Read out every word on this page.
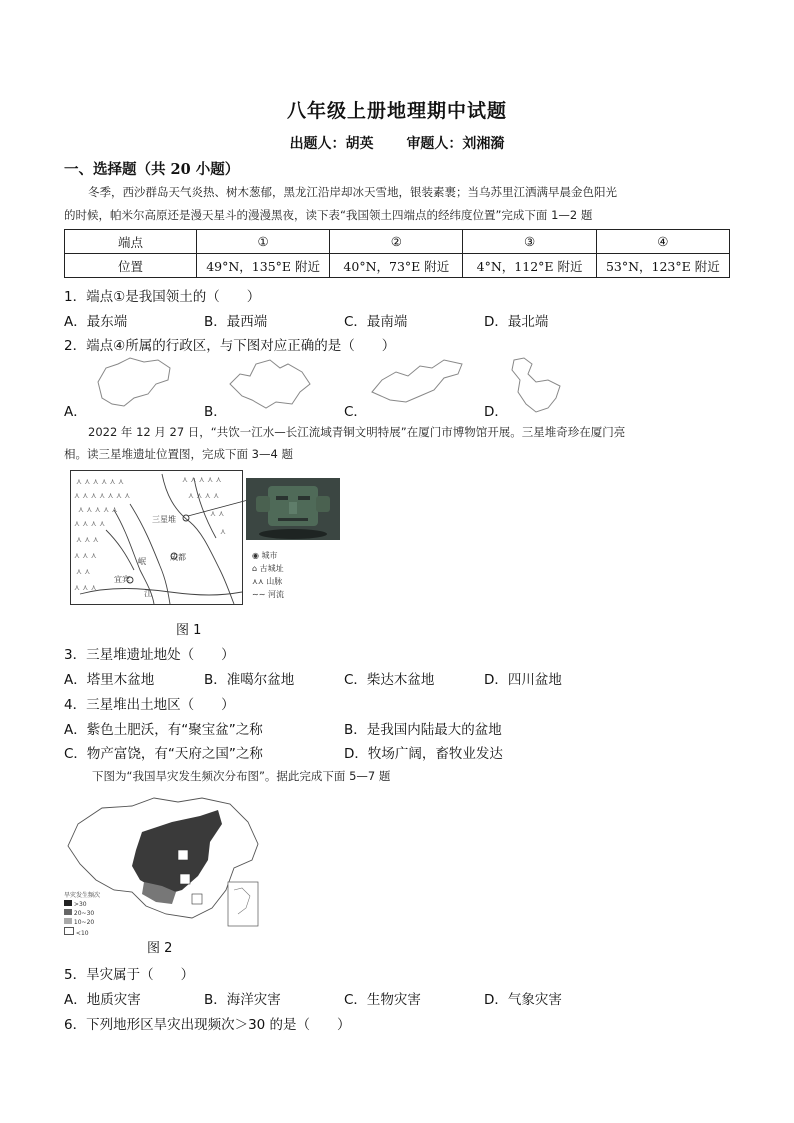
八年级上册地理期中试题
出题人：胡英 审题人：刘湘漪
一、选择题（共 20 小题）
冬季，西沙群岛天气炎热、树木葱郁，黑龙江沿岸却冰天雪地，银装素裹；当乌苏里江洒满早晨金色阳光
的时候，帕米尔高原还是漫天星斗的漫漫黑夜，读下表“我国领土四端点的经纬度位置”完成下面 1—2 题
端点	①	②	③	④
位置	49°N，135°E 附近	40°N，73°E 附近	4°N，112°E 附近	53°N，123°E 附近
1．端点①是我国领土的（　　）
A．最东端	B．最西端	C．最南端	D．最北端
2．端点④所属的行政区，与下图对应正确的是（　　）
A．	B．	C．	D．
2022 年 12 月 27 日，“共饮一江水—长江流域青铜文明特展”在厦门市博物馆开展。三星堆奇珍在厦门亮
相。读三星堆遗址位置图，完成下面 3—4 题
⋏ ⋏ ⋏ ⋏ ⋏ ⋏
⋏ ⋏ ⋏ ⋏ ⋏ ⋏ ⋏
⋏ ⋏ ⋏ ⋏ ⋏
⋏ ⋏ ⋏ ⋏
⋏ ⋏ ⋏
⋏ ⋏ ⋏
⋏ ⋏
⋏ ⋏ ⋏
⋏ ⋏ ⋏ ⋏ ⋏
⋏ ⋏ ⋏ ⋏
⋏ ⋏
⋏
三星堆
成都
岷
江
宜宾
◉ 城市
⌂ 古城址
⋏⋏ 山脉
∼∼ 河流
图 1
3．三星堆遗址地处（　　）
A．塔里木盆地	B．准噶尔盆地	C．柴达木盆地	D．四川盆地
4．三星堆出土地区（　　）
A．紫色土肥沃，有“聚宝盆”之称	B．是我国内陆最大的盆地
C．物产富饶，有“天府之国”之称	D．牧场广阔，畜牧业发达
下图为“我国旱灾发生频次分布图”。据此完成下面 5—7 题
旱灾发生频次
>30
20~30
10~20
<10
图 2
5．旱灾属于（　　）
A．地质灾害	B．海洋灾害	C．生物灾害	D．气象灾害
6．下列地形区旱灾出现频次＞30 的是（　　）
